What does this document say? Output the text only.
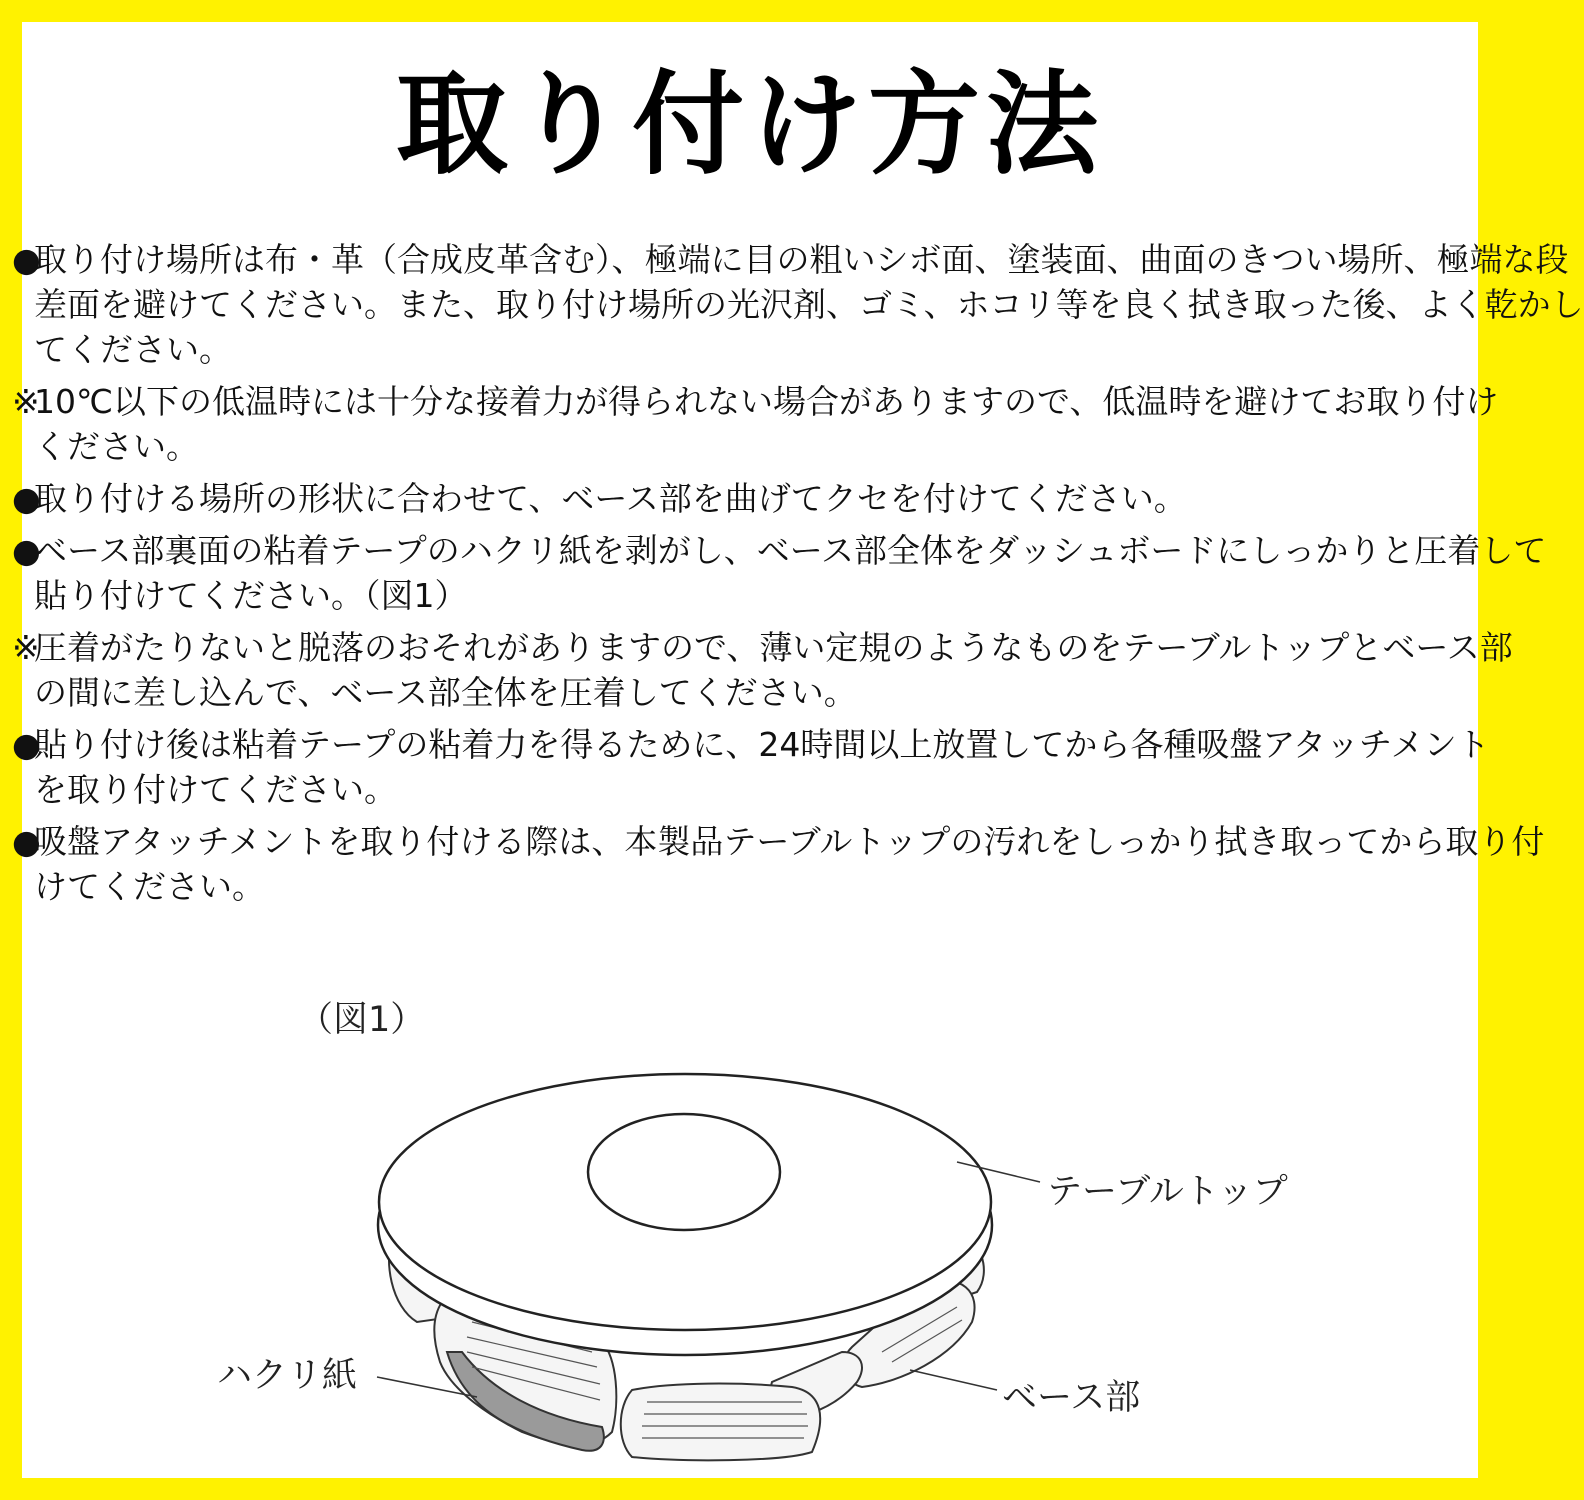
取り付け方法
●
取り付け場所は布・革（合成皮革含む）、極端に目の粗いシボ面、塗装面、曲面のきつい場所、極端な段
差面を避けてください。また、取り付け場所の光沢剤、ゴミ、ホコリ等を良く拭き取った後、よく乾かし
てください。
※
10℃以下の低温時には十分な接着力が得られない場合がありますので、低温時を避けてお取り付け
ください。
●
取り付ける場所の形状に合わせて、ベース部を曲げてクセを付けてください。
●
ベース部裏面の粘着テープのハクリ紙を剥がし、ベース部全体をダッシュボードにしっかりと圧着して
貼り付けてください。（図1）
※
圧着がたりないと脱落のおそれがありますので、薄い定規のようなものをテーブルトップとベース部
の間に差し込んで、ベース部全体を圧着してください。
●
貼り付け後は粘着テープの粘着力を得るために、24時間以上放置してから各種吸盤アタッチメント
を取り付けてください。
●
吸盤アタッチメントを取り付ける際は、本製品テーブルトップの汚れをしっかり拭き取ってから取り付
けてください。
（図1）
テーブルトップ
ハクリ紙
ベース部
